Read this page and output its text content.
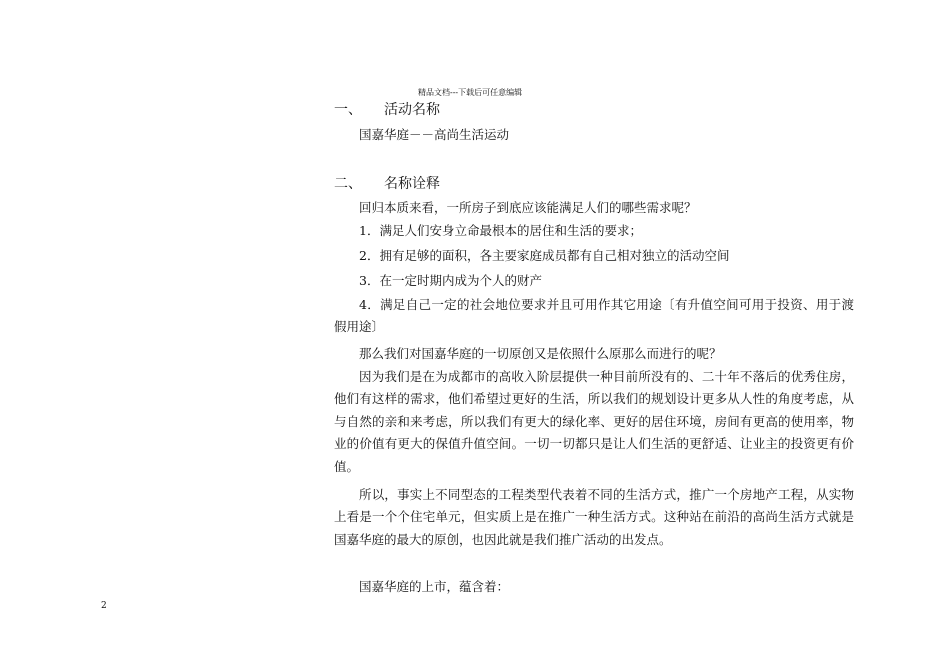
精品文档---下载后可任意编辑
一、 活动名称

国嘉华庭－－高尚生活运动

二、 名称诠释

回归本质来看，一所房子到底应该能满足人们的哪些需求呢？

1．满足人们安身立命最根本的居住和生活的要求；

2．拥有足够的面积，各主要家庭成员都有自己相对独立的活动空间

3．在一定时期内成为个人的财产

4．满足自己一定的社会地位要求并且可用作其它用途〔有升值空间可用于投资、用于渡假用途〕

那么我们对国嘉华庭的一切原创又是依照什么原那么而进行的呢？

因为我们是在为成都市的高收入阶层提供一种目前所没有的、二十年不落后的优秀住房，他们有这样的需求，他们希望过更好的生活，所以我们的规划设计更多从人性的角度考虑，从与自然的亲和来考虑，所以我们有更大的绿化率、更好的居住环境，房间有更高的使用率，物业的价值有更大的保值升值空间。一切一切都只是让人们生活的更舒适、让业主的投资更有价值。

所以，事实上不同型态的工程类型代表着不同的生活方式，推广一个房地产工程，从实物上看是一个个住宅单元，但实质上是在推广一种生活方式。这种站在前沿的高尚生活方式就是国嘉华庭的最大的原创，也因此就是我们推广活动的出发点。

国嘉华庭的上市，蕴含着：

2
